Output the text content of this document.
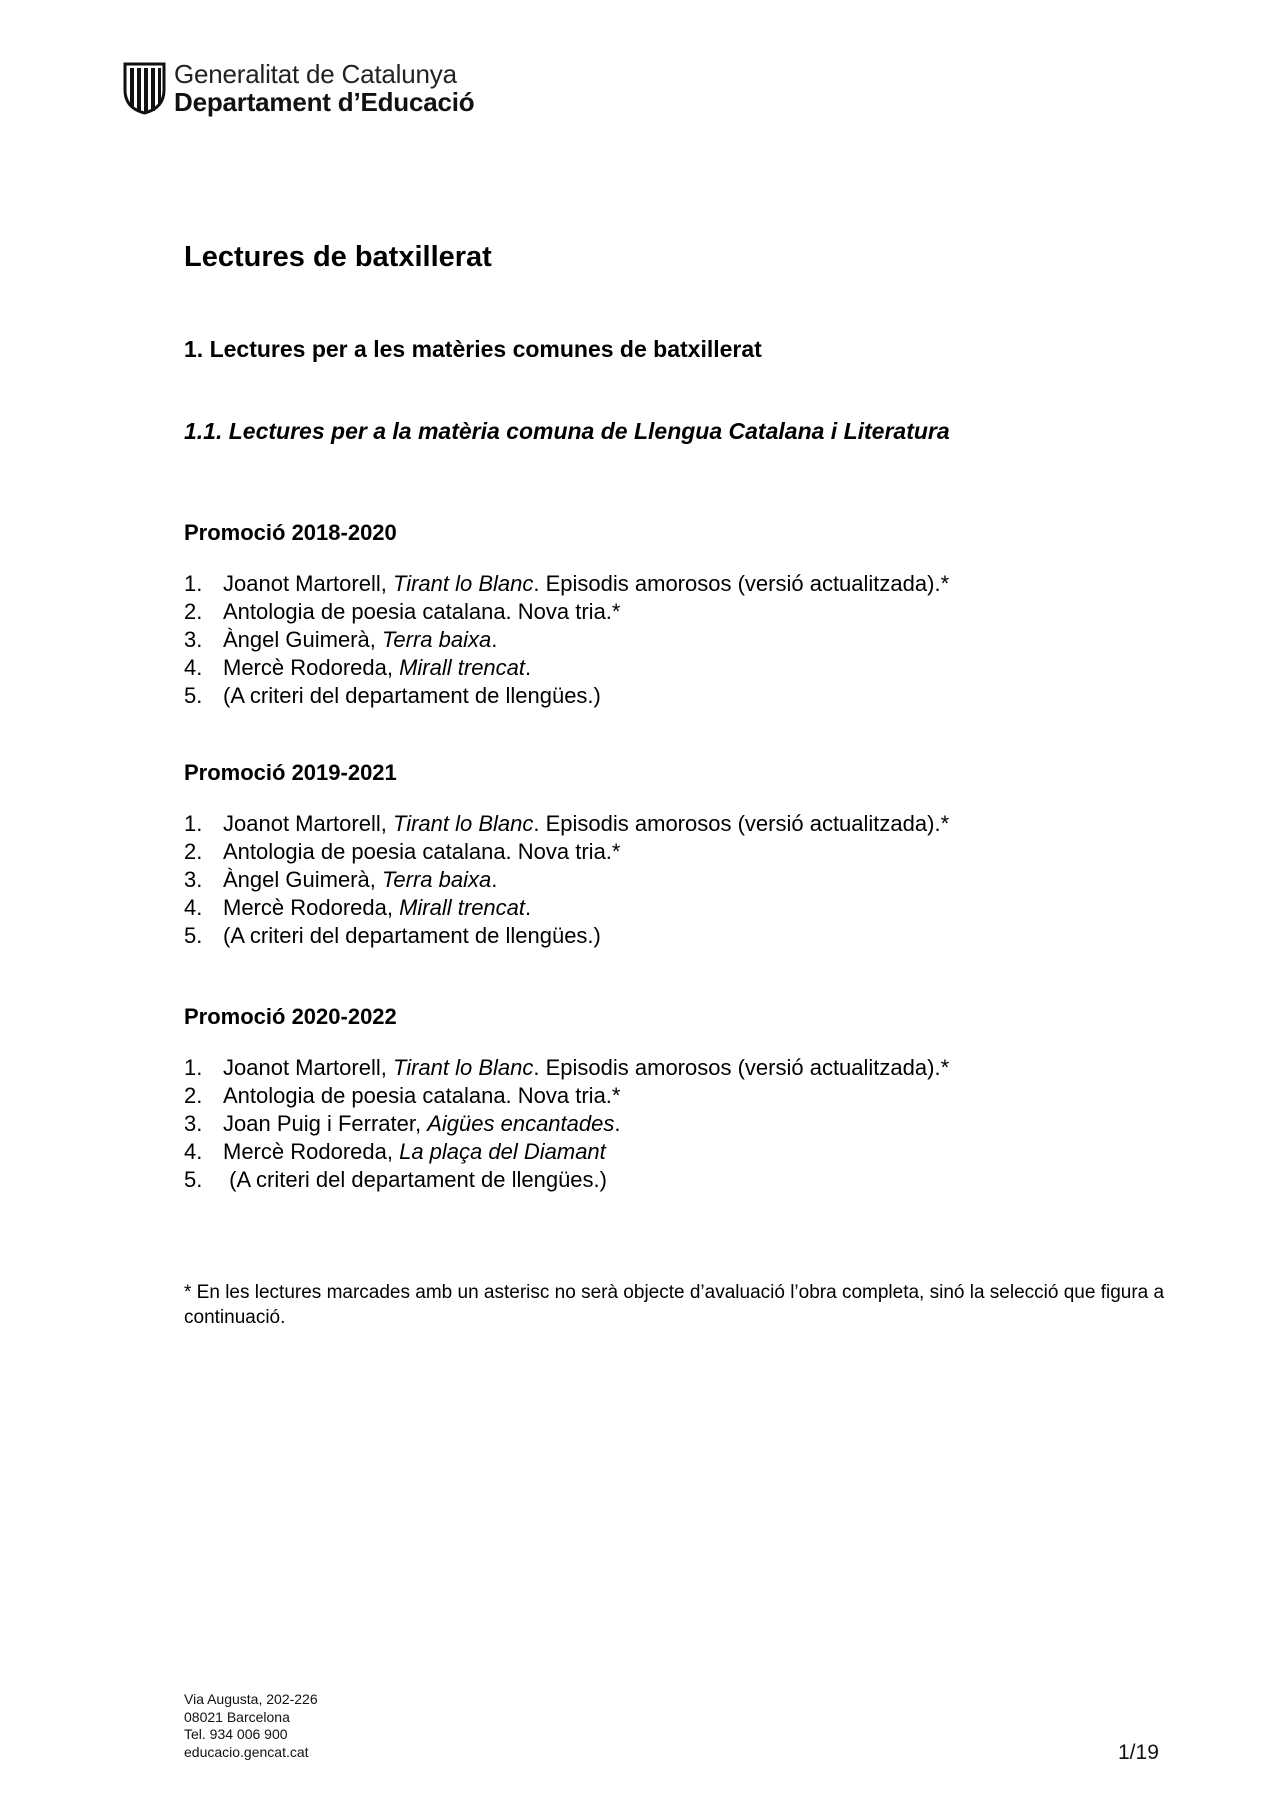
Generalitat de Catalunya
Departament d’Educació
Lectures de batxillerat
1. Lectures per a les matèries comunes de batxillerat
1.1. Lectures per a la matèria comuna de Llengua Catalana i Literatura
Promoció 2018-2020
1. Joanot Martorell, Tirant lo Blanc. Episodis amorosos (versió actualitzada).*
2. Antologia de poesia catalana. Nova tria.*
3. Àngel Guimerà, Terra baixa.
4. Mercè Rodoreda, Mirall trencat.
5. (A criteri del departament de llengües.)
Promoció 2019-2021
1. Joanot Martorell, Tirant lo Blanc. Episodis amorosos (versió actualitzada).*
2. Antologia de poesia catalana. Nova tria.*
3. Àngel Guimerà, Terra baixa.
4. Mercè Rodoreda, Mirall trencat.
5. (A criteri del departament de llengües.)
Promoció 2020-2022
1. Joanot Martorell, Tirant lo Blanc. Episodis amorosos (versió actualitzada).*
2. Antologia de poesia catalana. Nova tria.*
3. Joan Puig i Ferrater, Aigües encantades.
4. Mercè Rodoreda, La plaça del Diamant
5. (A criteri del departament de llengües.)

* En les lectures marcades amb un asterisc no serà objecte d’avaluació l’obra completa, sinó la selecció que figura a continuació.

Via Augusta, 202-226
08021 Barcelona
Tel. 934 006 900
educacio.gencat.cat	1/19
